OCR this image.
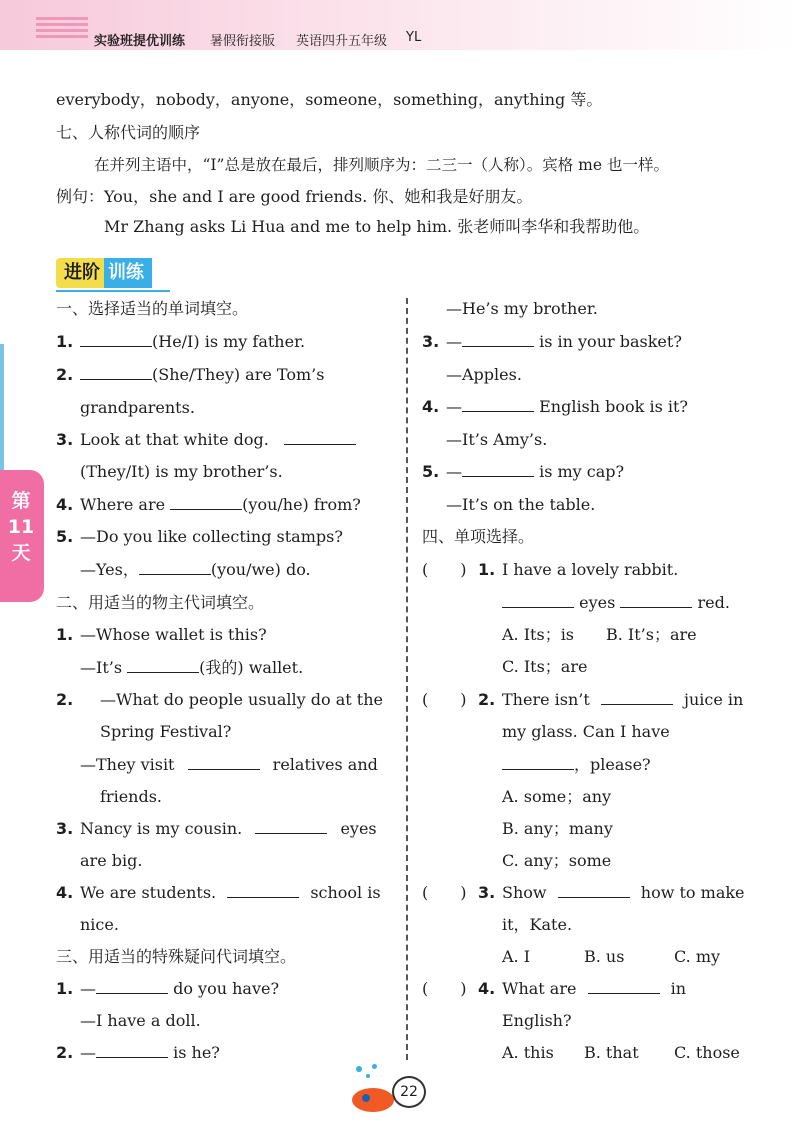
实验班提优训练 暑假衔接版 英语四升五年级 YL
第11天
everybody，nobody，anyone，someone，something，anything 等。
七、人称代词的顺序
在并列主语中，“I”总是放在最后，排列顺序为：二三一（人称）。宾格 me 也一样。
例句： You，she and I are good friends. 你、她和我是好朋友。
Mr Zhang asks Li Hua and me to help him. 张老师叫李华和我帮助他。
进阶 训练
一、选择适当的单词填空。
1.	(He/I) is my father.
2.	(She/They) are Tom’s
grandparents.
3. Look at that white dog.
(They/It) is my brother’s.
4. Where are	(you/he) from?
5. —Do you like collecting stamps?
—Yes，	(you/we) do.
二、用适当的物主代词填空。
1. —Whose wallet is this?
—It’s	(我的) wallet.
2. —What do people usually do at the
Spring Festival?
—They visit	relatives and
friends.
3. Nancy is my cousin.	eyes
are big.
4. We are students.	school is
nice.
三、用适当的特殊疑问代词填空。
1. —	do you have?
—I have a doll.
2. —	is he?
—He’s my brother.
3. —	is in your basket?
—Apples.
4. —	English book is it?
—It’s Amy’s.
5. —	is my cap?
—It’s on the table.
四、单项选择。
(　　) 1. I have a lovely rabbit.
eyes	red.
A. Its；is B. It’s；are
C. Its；are
(　　) 2. There isn’t	juice in
my glass. Can I have
，please?
A. some；any
B. any；many
C. any；some
(　　) 3. Show	how to make
it，Kate.
A. I	B. us	C. my
(　　) 4. What are	in
English?
A. this B. that C. those
22
